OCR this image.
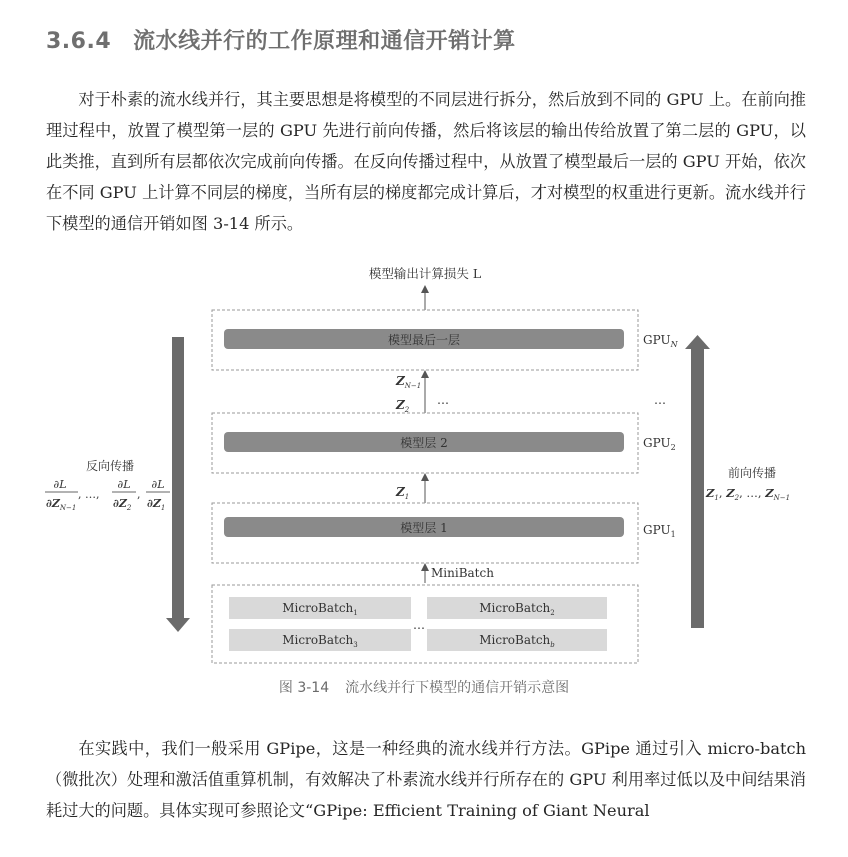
3.6.4 流水线并行的工作原理和通信开销计算

对于朴素的流水线并行，其主要思想是将模型的不同层进行拆分，然后放到不同的 GPU 上。在前向推理过程中，放置了模型第一层的 GPU 先进行前向传播，然后将该层的输出传给放置了第二层的 GPU，以此类推，直到所有层都依次完成前向传播。在反向传播过程中，从放置了模型最后一层的 GPU 开始，依次在不同 GPU 上计算不同层的梯度，当所有层的梯度都完成计算后，才对模型的权重进行更新。流水线并行下模型的通信开销如图 3-14 所示。

模型输出计算损失 L
模型最后一层	$GPU_N$
$Z_{N-1}$
…	…
$Z_2$
模型层 2	$GPU_2$
$Z_1$
模型层 1	$GPU_1$
MiniBatch
MicroBatch$_1$	MicroBatch$_2$
MicroBatch$_3$	MicroBatch$_b$
…
反向传播
∂L
$\partial Z_{N-1}$
, …,
∂L
$\partial Z_2$
,
∂L
$\partial Z_1$
前向传播
$Z_1$, $Z_2$, …, $Z_{N-1}$
图 3-14 流水线并行下模型的通信开销示意图

在实践中，我们一般采用 GPipe，这是一种经典的流水线并行方法。GPipe 通过引入 micro-batch（微批次）处理和激活值重算机制，有效解决了朴素流水线并行所存在的 GPU 利用率过低以及中间结果消耗过大的问题。具体实现可参照论文“GPipe: Efficient Training of Giant Neural
